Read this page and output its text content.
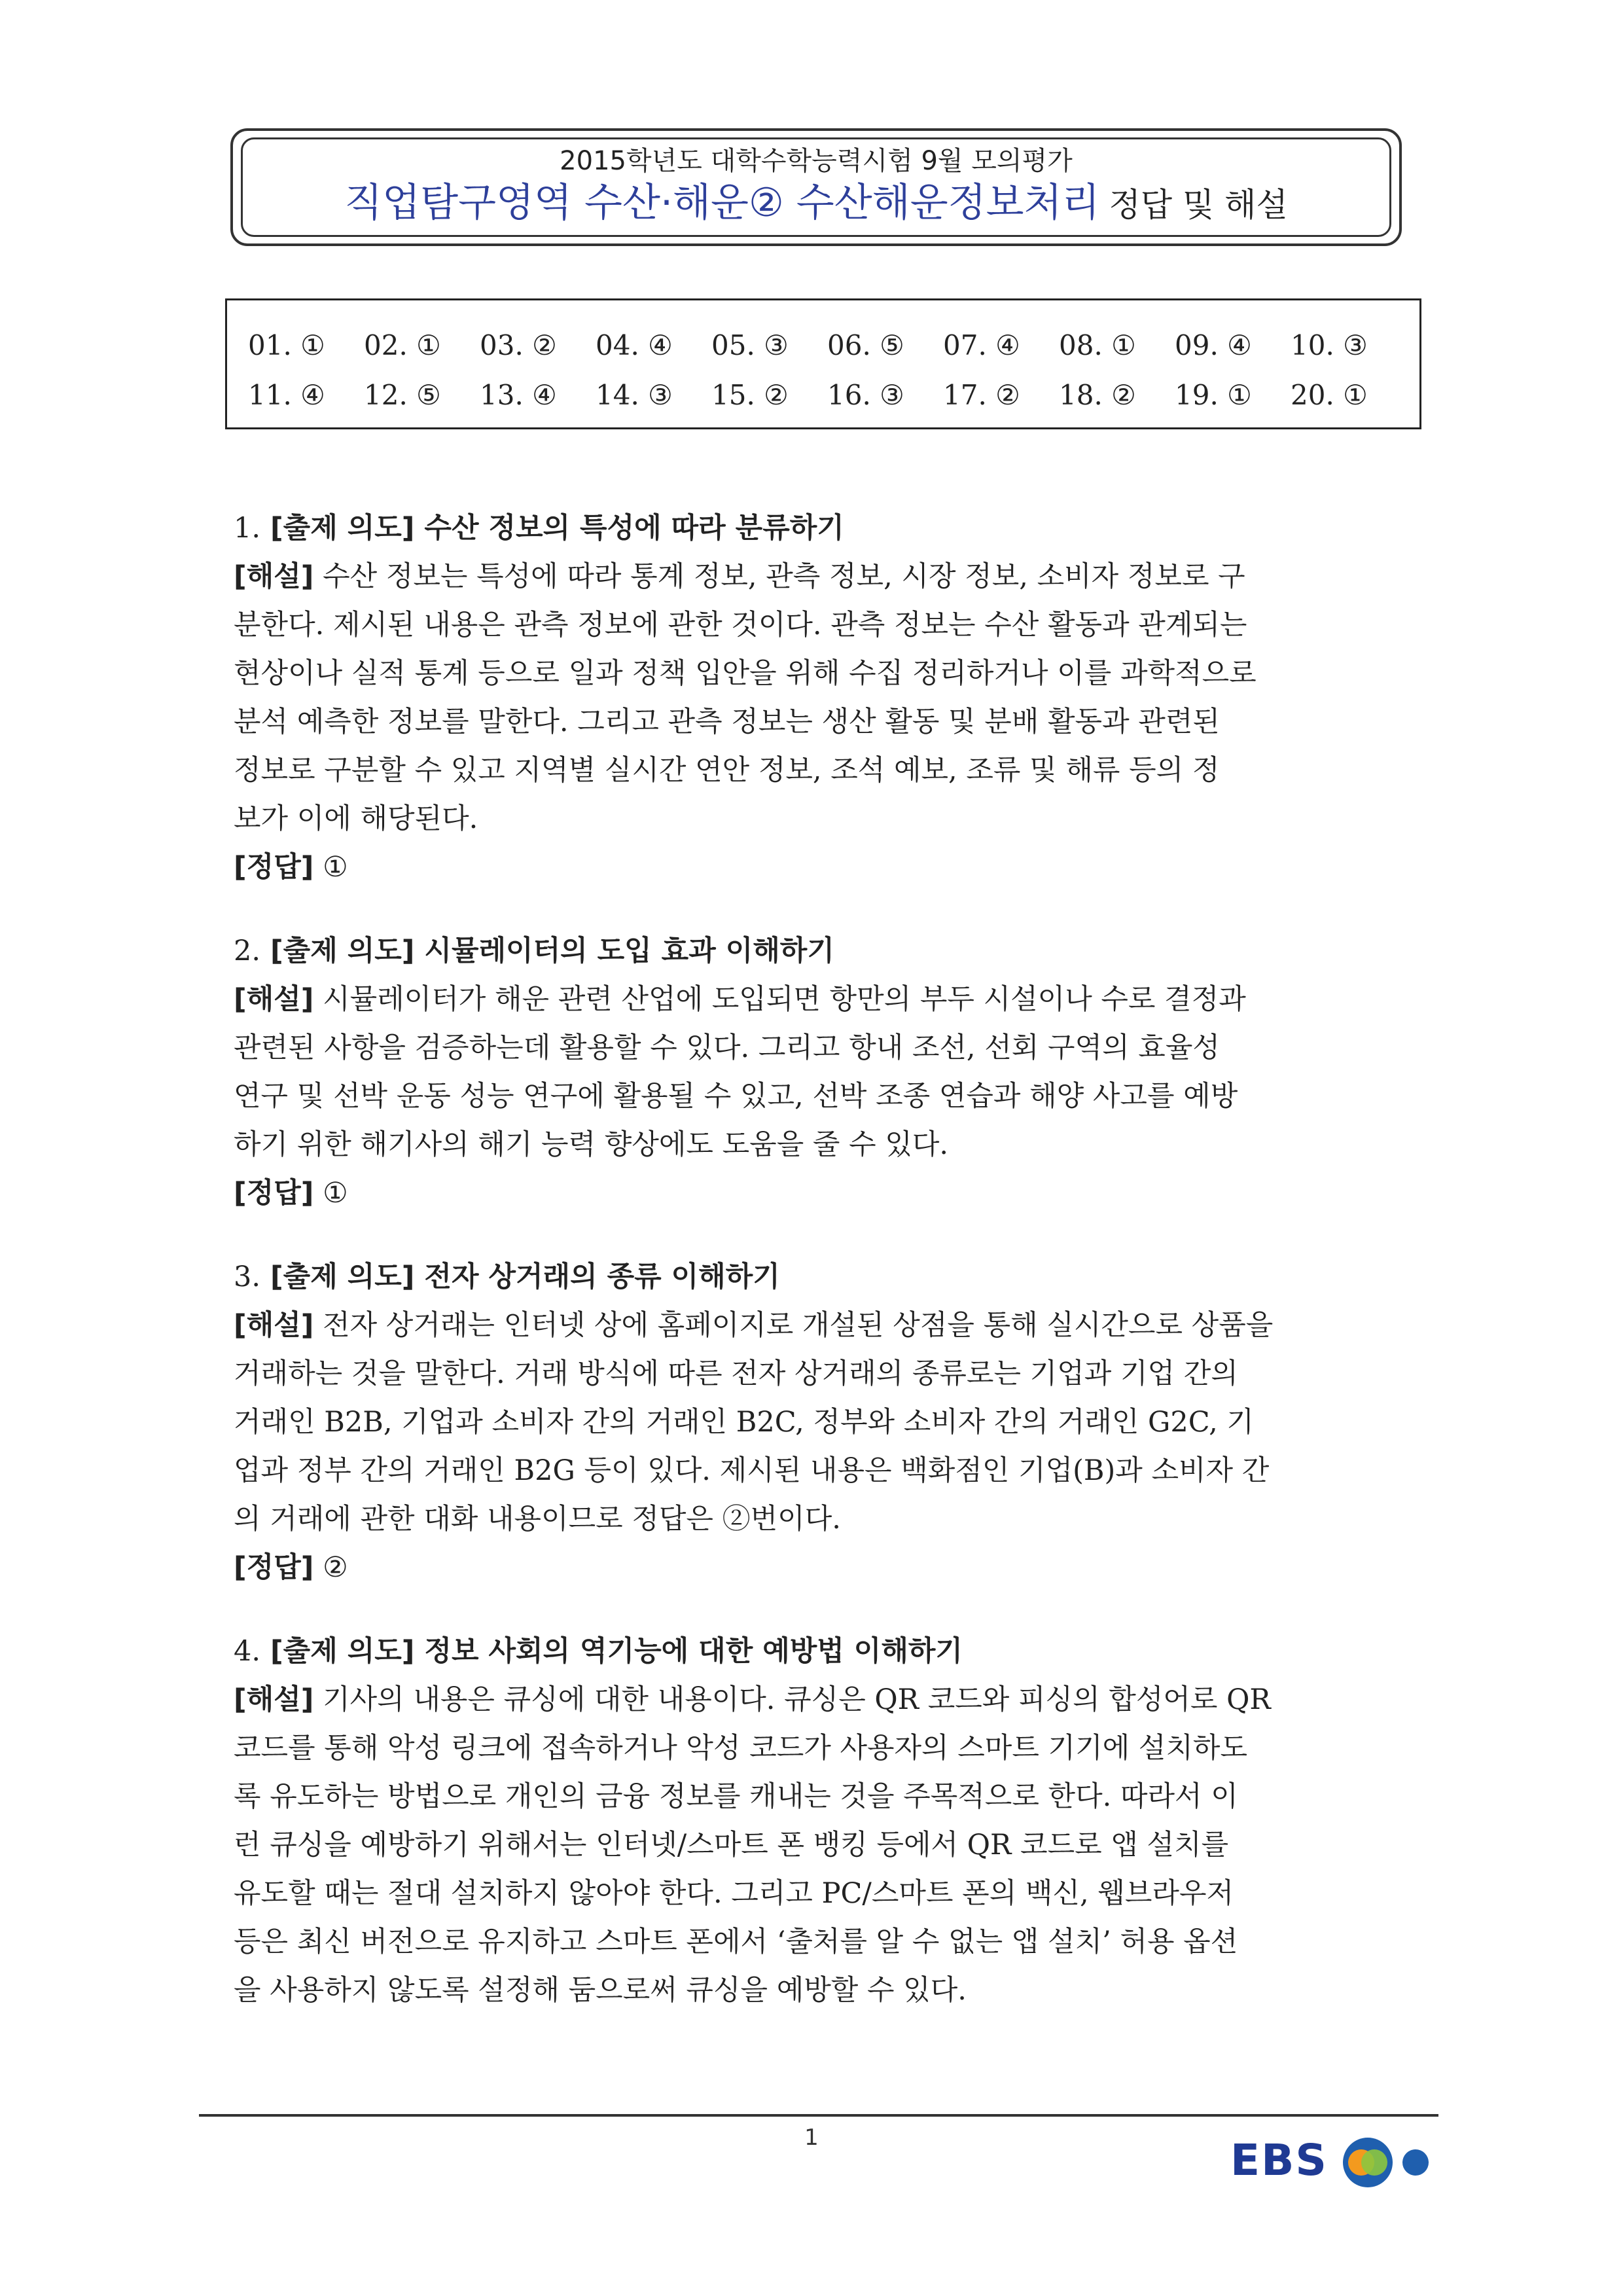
2015학년도 대학수학능력시험 9월 모의평가
직업탐구영역 수산·해운② 수산해운정보처리 정답 및 해설
01. ①	02. ①	03. ②	04. ④	05. ③	06. ⑤	07. ④	08. ①	09. ④	10. ③
11. ④	12. ⑤	13. ④	14. ③	15. ②	16. ③	17. ②	18. ②	19. ①	20. ①
1. [출제 의도] 수산 정보의 특성에 따라 분류하기
[해설] 수산 정보는 특성에 따라 통계 정보, 관측 정보, 시장 정보, 소비자 정보로 구
분한다. 제시된 내용은 관측 정보에 관한 것이다. 관측 정보는 수산 활동과 관계되는
현상이나 실적 통계 등으로 일과 정책 입안을 위해 수집 정리하거나 이를 과학적으로
분석 예측한 정보를 말한다. 그리고 관측 정보는 생산 활동 및 분배 활동과 관련된
정보로 구분할 수 있고 지역별 실시간 연안 정보, 조석 예보, 조류 및 해류 등의 정
보가 이에 해당된다.
[정답] ①
2. [출제 의도] 시뮬레이터의 도입 효과 이해하기
[해설] 시뮬레이터가 해운 관련 산업에 도입되면 항만의 부두 시설이나 수로 결정과
관련된 사항을 검증하는데 활용할 수 있다. 그리고 항내 조선, 선회 구역의 효율성
연구 및 선박 운동 성능 연구에 활용될 수 있고, 선박 조종 연습과 해양 사고를 예방
하기 위한 해기사의 해기 능력 향상에도 도움을 줄 수 있다.
[정답] ①
3. [출제 의도] 전자 상거래의 종류 이해하기
[해설] 전자 상거래는 인터넷 상에 홈페이지로 개설된 상점을 통해 실시간으로 상품을
거래하는 것을 말한다. 거래 방식에 따른 전자 상거래의 종류로는 기업과 기업 간의
거래인 B2B, 기업과 소비자 간의 거래인 B2C, 정부와 소비자 간의 거래인 G2C, 기
업과 정부 간의 거래인 B2G 등이 있다. 제시된 내용은 백화점인 기업(B)과 소비자 간
의 거래에 관한 대화 내용이므로 정답은 ②번이다.
[정답] ②
4. [출제 의도] 정보 사회의 역기능에 대한 예방법 이해하기
[해설] 기사의 내용은 큐싱에 대한 내용이다. 큐싱은 QR 코드와 피싱의 합성어로 QR
코드를 통해 악성 링크에 접속하거나 악성 코드가 사용자의 스마트 기기에 설치하도
록 유도하는 방법으로 개인의 금융 정보를 캐내는 것을 주목적으로 한다. 따라서 이
런 큐싱을 예방하기 위해서는 인터넷/스마트 폰 뱅킹 등에서 QR 코드로 앱 설치를
유도할 때는 절대 설치하지 않아야 한다. 그리고 PC/스마트 폰의 백신, 웹브라우저
등은 최신 버전으로 유지하고 스마트 폰에서 ‘출처를 알 수 없는 앱 설치’ 허용 옵션
을 사용하지 않도록 설정해 둠으로써 큐싱을 예방할 수 있다.
1	EBS
